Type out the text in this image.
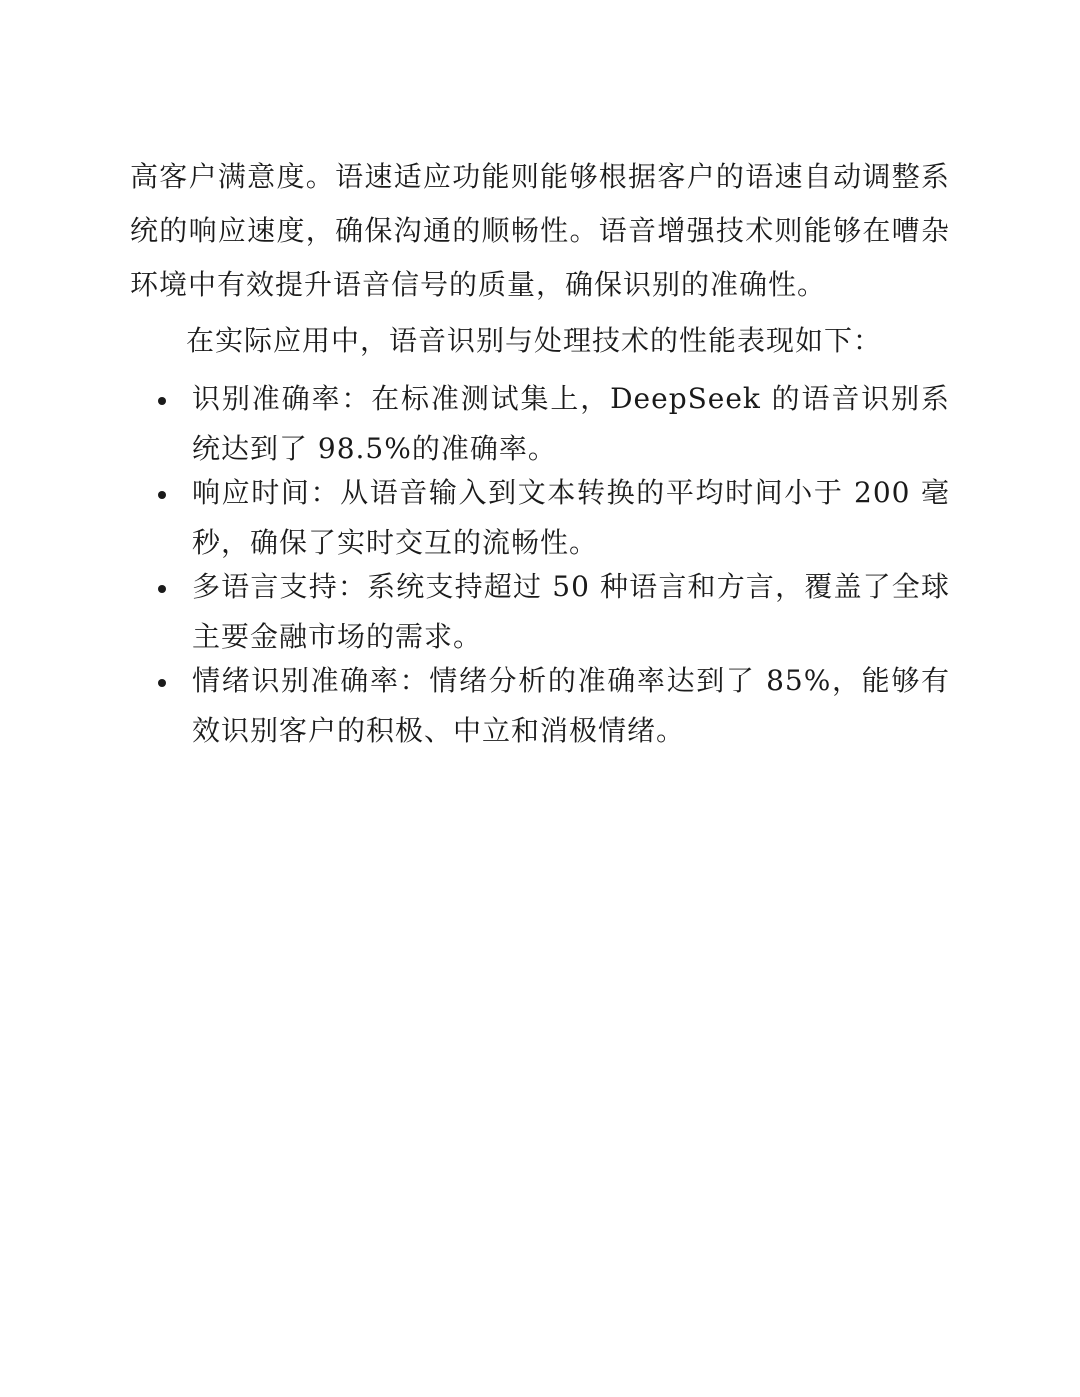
高客户满意度。语速适应功能则能够根据客户的语速自动调整系统的响应速度，确保沟通的顺畅性。语音增强技术则能够在嘈杂环境中有效提升语音信号的质量，确保识别的准确性。

在实际应用中，语音识别与处理技术的性能表现如下：

识别准确率：在标准测试集上，DeepSeek 的语音识别系统达到了 98.5%的准确率。
响应时间：从语音输入到文本转换的平均时间小于 200 毫秒，确保了实时交互的流畅性。
多语言支持：系统支持超过 50 种语言和方言，覆盖了全球主要金融市场的需求。
情绪识别准确率：情绪分析的准确率达到了 85%，能够有效识别客户的积极、中立和消极情绪。
